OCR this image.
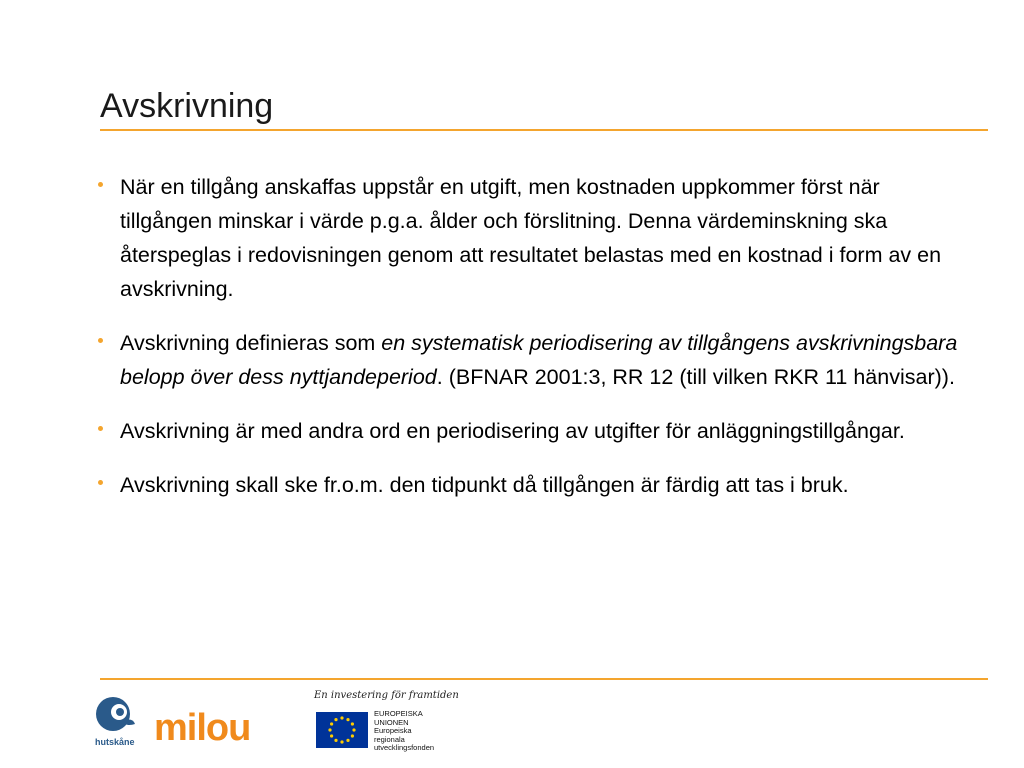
Avskrivning
När en tillgång anskaffas uppstår en utgift, men kostnaden uppkommer först när tillgången minskar i värde p.g.a. ålder och förslitning. Denna värdeminskning ska återspeglas i redovisningen genom att resultatet belastas med en kostnad i form av en avskrivning.
Avskrivning definieras som en systematisk periodisering av tillgångens avskrivningsbara belopp över dess nyttjandeperiod. (BFNAR 2001:3, RR 12 (till vilken RKR 11 hänvisar)).
Avskrivning är med andra ord en periodisering av utgifter för anläggningstillgångar.
Avskrivning skall ske fr.o.m. den tidpunkt då tillgången är färdig att tas i bruk.
hutskåne milou
En investering för framtiden
EUROPEISKA
UNIONEN
Europeiska
regionala
utvecklingsfonden
